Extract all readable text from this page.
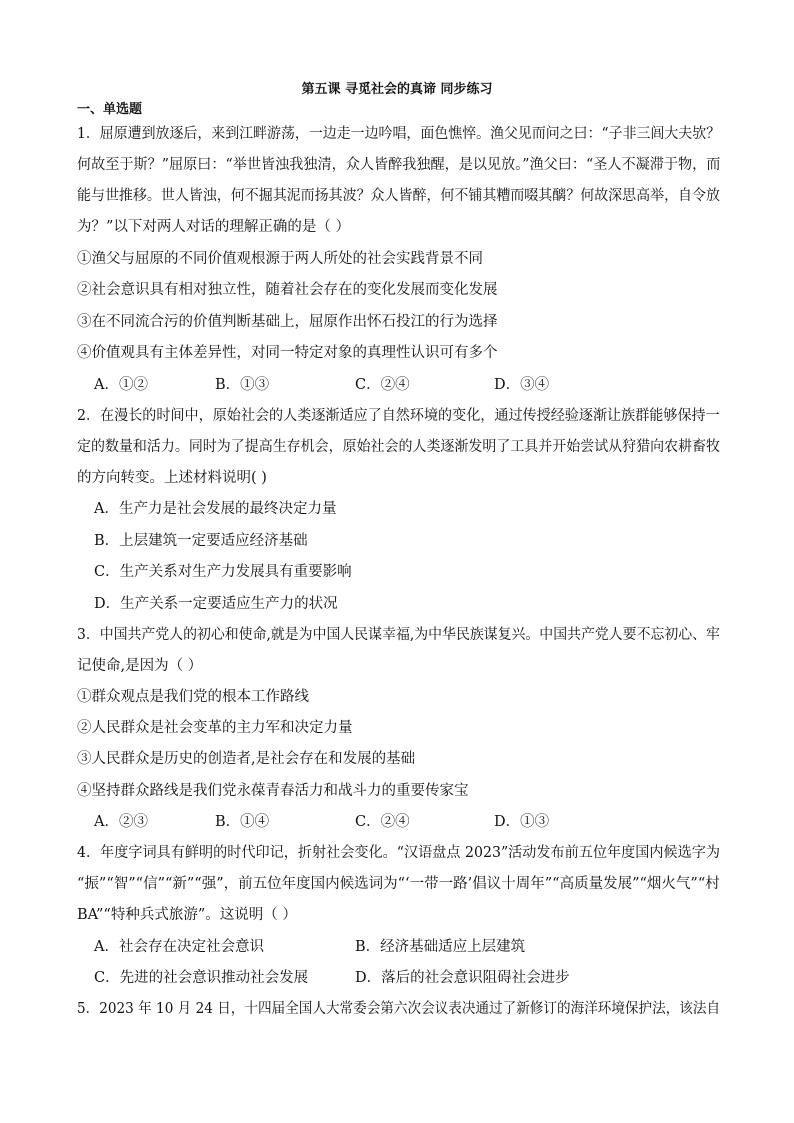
第五课 寻觅社会的真谛 同步练习
一、单选题
1．屈原遭到放逐后，来到江畔游荡，一边走一边吟唱，面色憔悴。渔父见而问之曰：“子非三闾大夫欤？
何故至于斯？”屈原曰：“举世皆浊我独清，众人皆醉我独醒，是以见放。”渔父曰：“圣人不凝滞于物，而
能与世推移。世人皆浊，何不掘其泥而扬其波？众人皆醉，何不铺其糟而啜其醨？何故深思高举，自令放
为？”以下对两人对话的理解正确的是（ ）
①渔父与屈原的不同价值观根源于两人所处的社会实践背景不同
②社会意识具有相对独立性，随着社会存在的变化发展而变化发展
③在不同流合污的价值判断基础上，屈原作出怀石投江的行为选择
④价值观具有主体差异性，对同一特定对象的真理性认识可有多个
A．①②	B．①③	C．②④	D．③④
2．在漫长的时间中，原始社会的人类逐渐适应了自然环境的变化，通过传授经验逐渐让族群能够保持一
定的数量和活力。同时为了提高生存机会，原始社会的人类逐渐发明了工具并开始尝试从狩猎向农耕畜牧
的方向转变。上述材料说明( )
A．生产力是社会发展的最终决定力量
B．上层建筑一定要适应经济基础
C．生产关系对生产力发展具有重要影响
D．生产关系一定要适应生产力的状况
3．中国共产党人的初心和使命,就是为中国人民谋幸福,为中华民族谋复兴。中国共产党人要不忘初心、牢
记使命,是因为（ ）
①群众观点是我们党的根本工作路线
②人民群众是社会变革的主力军和决定力量
③人民群众是历史的创造者,是社会存在和发展的基础
④坚持群众路线是我们党永葆青春活力和战斗力的重要传家宝
A．②③	B．①④	C．②④	D．①③
4．年度字词具有鲜明的时代印记，折射社会变化。“汉语盘点 2023”活动发布前五位年度国内候选字为
“振”“智”“信”“新”“强”，前五位年度国内候选词为“‘一带一路’倡议十周年”“高质量发展”“烟火气”“村
BA”“特种兵式旅游”。这说明（ ）
A．社会存在决定社会意识	B．经济基础适应上层建筑
C．先进的社会意识推动社会发展	D．落后的社会意识阻碍社会进步
5．2023 年 10 月 24 日，十四届全国人大常委会第六次会议表决通过了新修订的海洋环境保护法，该法自
